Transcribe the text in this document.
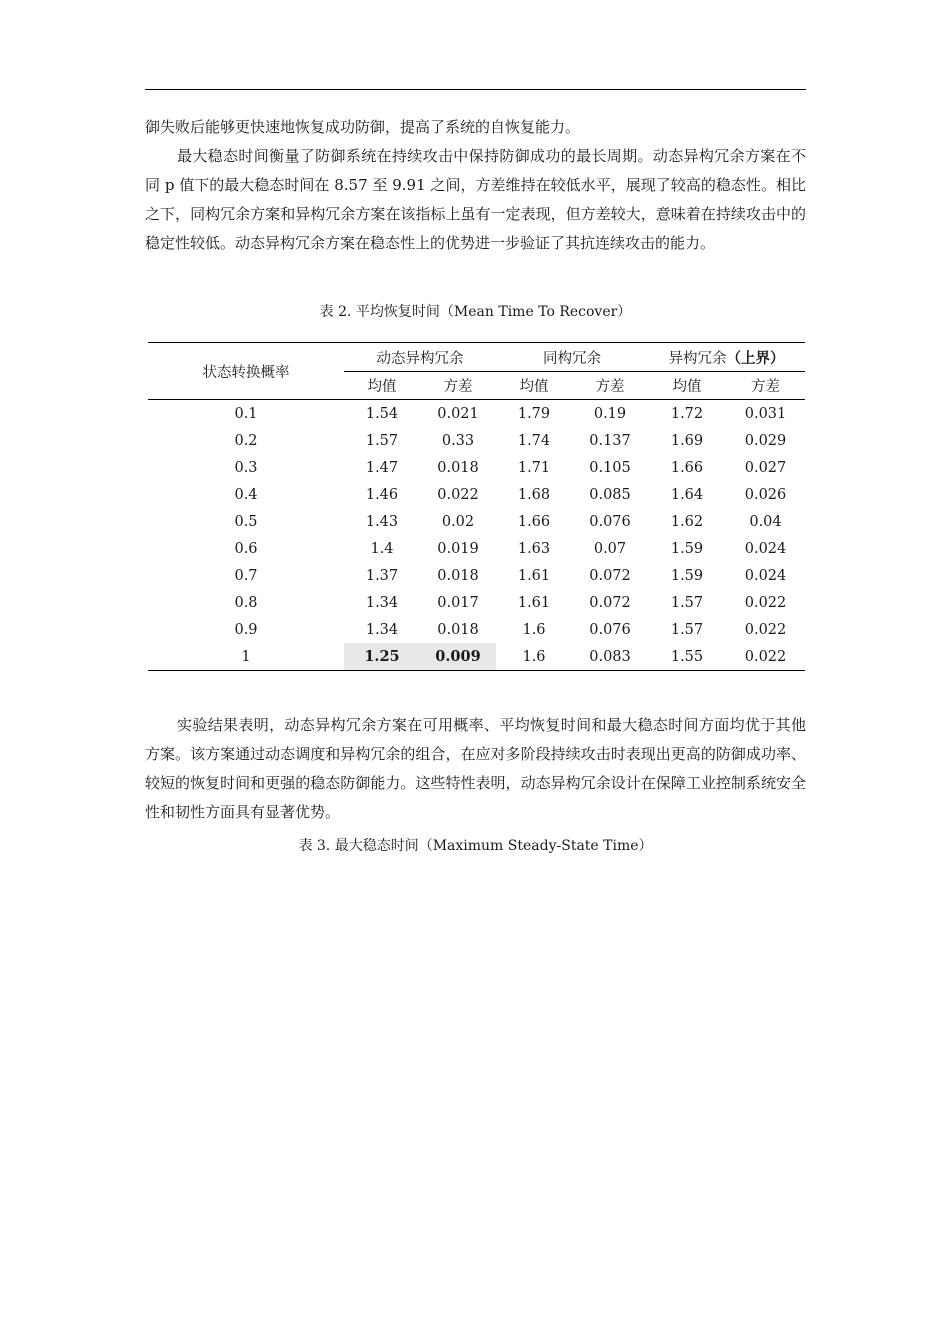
御失败后能够更快速地恢复成功防御，提高了系统的自恢复能力。

最大稳态时间衡量了防御系统在持续攻击中保持防御成功的最长周期。动态异构冗余方案在不同 p 值下的最大稳态时间在 8.57 至 9.91 之间，方差维持在较低水平，展现了较高的稳态性。相比之下，同构冗余方案和异构冗余方案在该指标上虽有一定表现，但方差较大，意味着在持续攻击中的稳定性较低。动态异构冗余方案在稳态性上的优势进一步验证了其抗连续攻击的能力。

表 2. 平均恢复时间（Mean Time To Recover）
状态转换概率	动态异构冗余		同构冗余		异构冗余（上界）	
	均值	方差	均值	方差	均值	方差
0.1	1.54	0.021	1.79	0.19	1.72	0.031
0.2	1.57	0.33	1.74	0.137	1.69	0.029
0.3	1.47	0.018	1.71	0.105	1.66	0.027
0.4	1.46	0.022	1.68	0.085	1.64	0.026
0.5	1.43	0.02	1.66	0.076	1.62	0.04
0.6	1.4	0.019	1.63	0.07	1.59	0.024
0.7	1.37	0.018	1.61	0.072	1.59	0.024
0.8	1.34	0.017	1.61	0.072	1.57	0.022
0.9	1.34	0.018	1.6	0.076	1.57	0.022
1	1.25	0.009	1.6	0.083	1.55	0.022

实验结果表明，动态异构冗余方案在可用概率、平均恢复时间和最大稳态时间方面均优于其他方案。该方案通过动态调度和异构冗余的组合，在应对多阶段持续攻击时表现出更高的防御成功率、较短的恢复时间和更强的稳态防御能力。这些特性表明，动态异构冗余设计在保障工业控制系统安全性和韧性方面具有显著优势。

表 3. 最大稳态时间（Maximum Steady-State Time）
